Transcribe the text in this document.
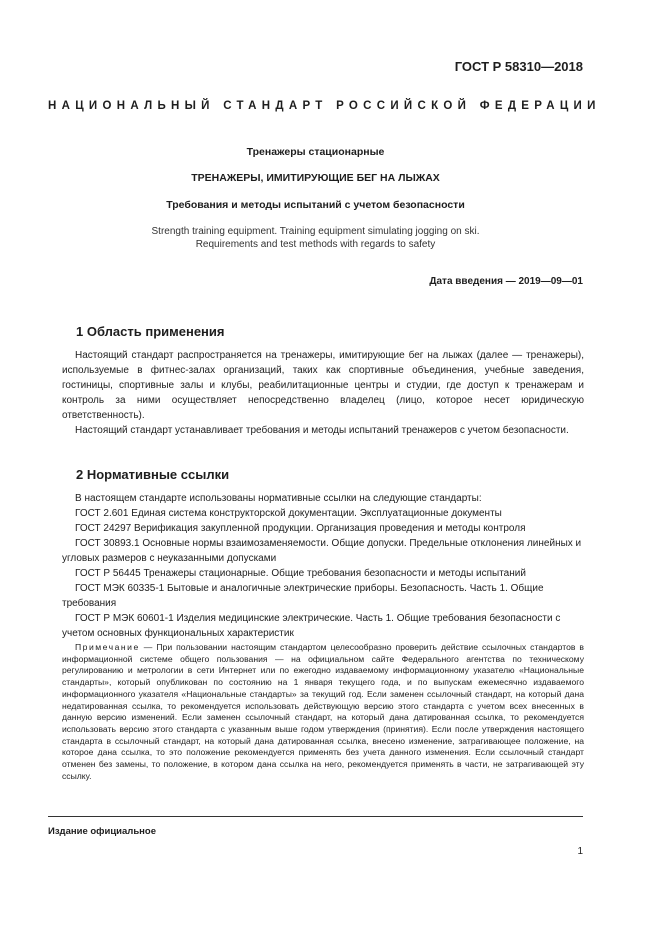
ГОСТ Р 58310—2018
НАЦИОНАЛЬНЫЙ СТАНДАРТ РОССИЙСКОЙ ФЕДЕРАЦИИ
Тренажеры стационарные
ТРЕНАЖЕРЫ, ИМИТИРУЮЩИЕ БЕГ НА ЛЫЖАХ
Требования и методы испытаний с учетом безопасности
Strength training equipment. Training equipment simulating jogging on ski.
Requirements and test methods with regards to safety
Дата введения — 2019—09—01
1 Область применения

Настоящий стандарт распространяется на тренажеры, имитирующие бег на лыжах (далее — тренажеры), используемые в фитнес-залах организаций, таких как спортивные объединения, учебные заведения, гостиницы, спортивные залы и клубы, реабилитационные центры и студии, где доступ к тренажерам и контроль за ними осуществляет непосредственно владелец (лицо, которое несет юридическую ответственность).

Настоящий стандарт устанавливает требования и методы испытаний тренажеров с учетом безопасности.

2 Нормативные ссылки

В настоящем стандарте использованы нормативные ссылки на следующие стандарты:

ГОСТ 2.601 Единая система конструкторской документации. Эксплуатационные документы

ГОСТ 24297 Верификация закупленной продукции. Организация проведения и методы контроля

ГОСТ 30893.1 Основные нормы взаимозаменяемости. Общие допуски. Предельные отклонения линейных и угловых размеров с неуказанными допусками

ГОСТ Р 56445 Тренажеры стационарные. Общие требования безопасности и методы испытаний

ГОСТ МЭК 60335-1 Бытовые и аналогичные электрические приборы. Безопасность. Часть 1. Общие требования

ГОСТ Р МЭК 60601-1 Изделия медицинские электрические. Часть 1. Общие требования безопасности с учетом основных функциональных характеристик

Примечание — При пользовании настоящим стандартом целесообразно проверить действие ссылочных стандартов в информационной системе общего пользования — на официальном сайте Федерального агентства по техническому регулированию и метрологии в сети Интернет или по ежегодно издаваемому информационному указателю «Национальные стандарты», который опубликован по состоянию на 1 января текущего года, и по выпускам ежемесячно издаваемого информационного указателя «Национальные стандарты» за текущий год. Если заменен ссылочный стандарт, на который дана недатированная ссылка, то рекомендуется использовать действующую версию этого стандарта с учетом всех внесенных в данную версию изменений. Если заменен ссылочный стандарт, на который дана датированная ссылка, то рекомендуется использовать версию этого стандарта с указанным выше годом утверждения (принятия). Если после утверждения настоящего стандарта в ссылочный стандарт, на который дана датированная ссылка, внесено изменение, затрагивающее положение, на которое дана ссылка, то это положение рекомендуется применять без учета данного изменения. Если ссылочный стандарт отменен без замены, то положение, в котором дана ссылка на него, рекомендуется применять в части, не затрагивающей эту ссылку.
Издание официальное
1
